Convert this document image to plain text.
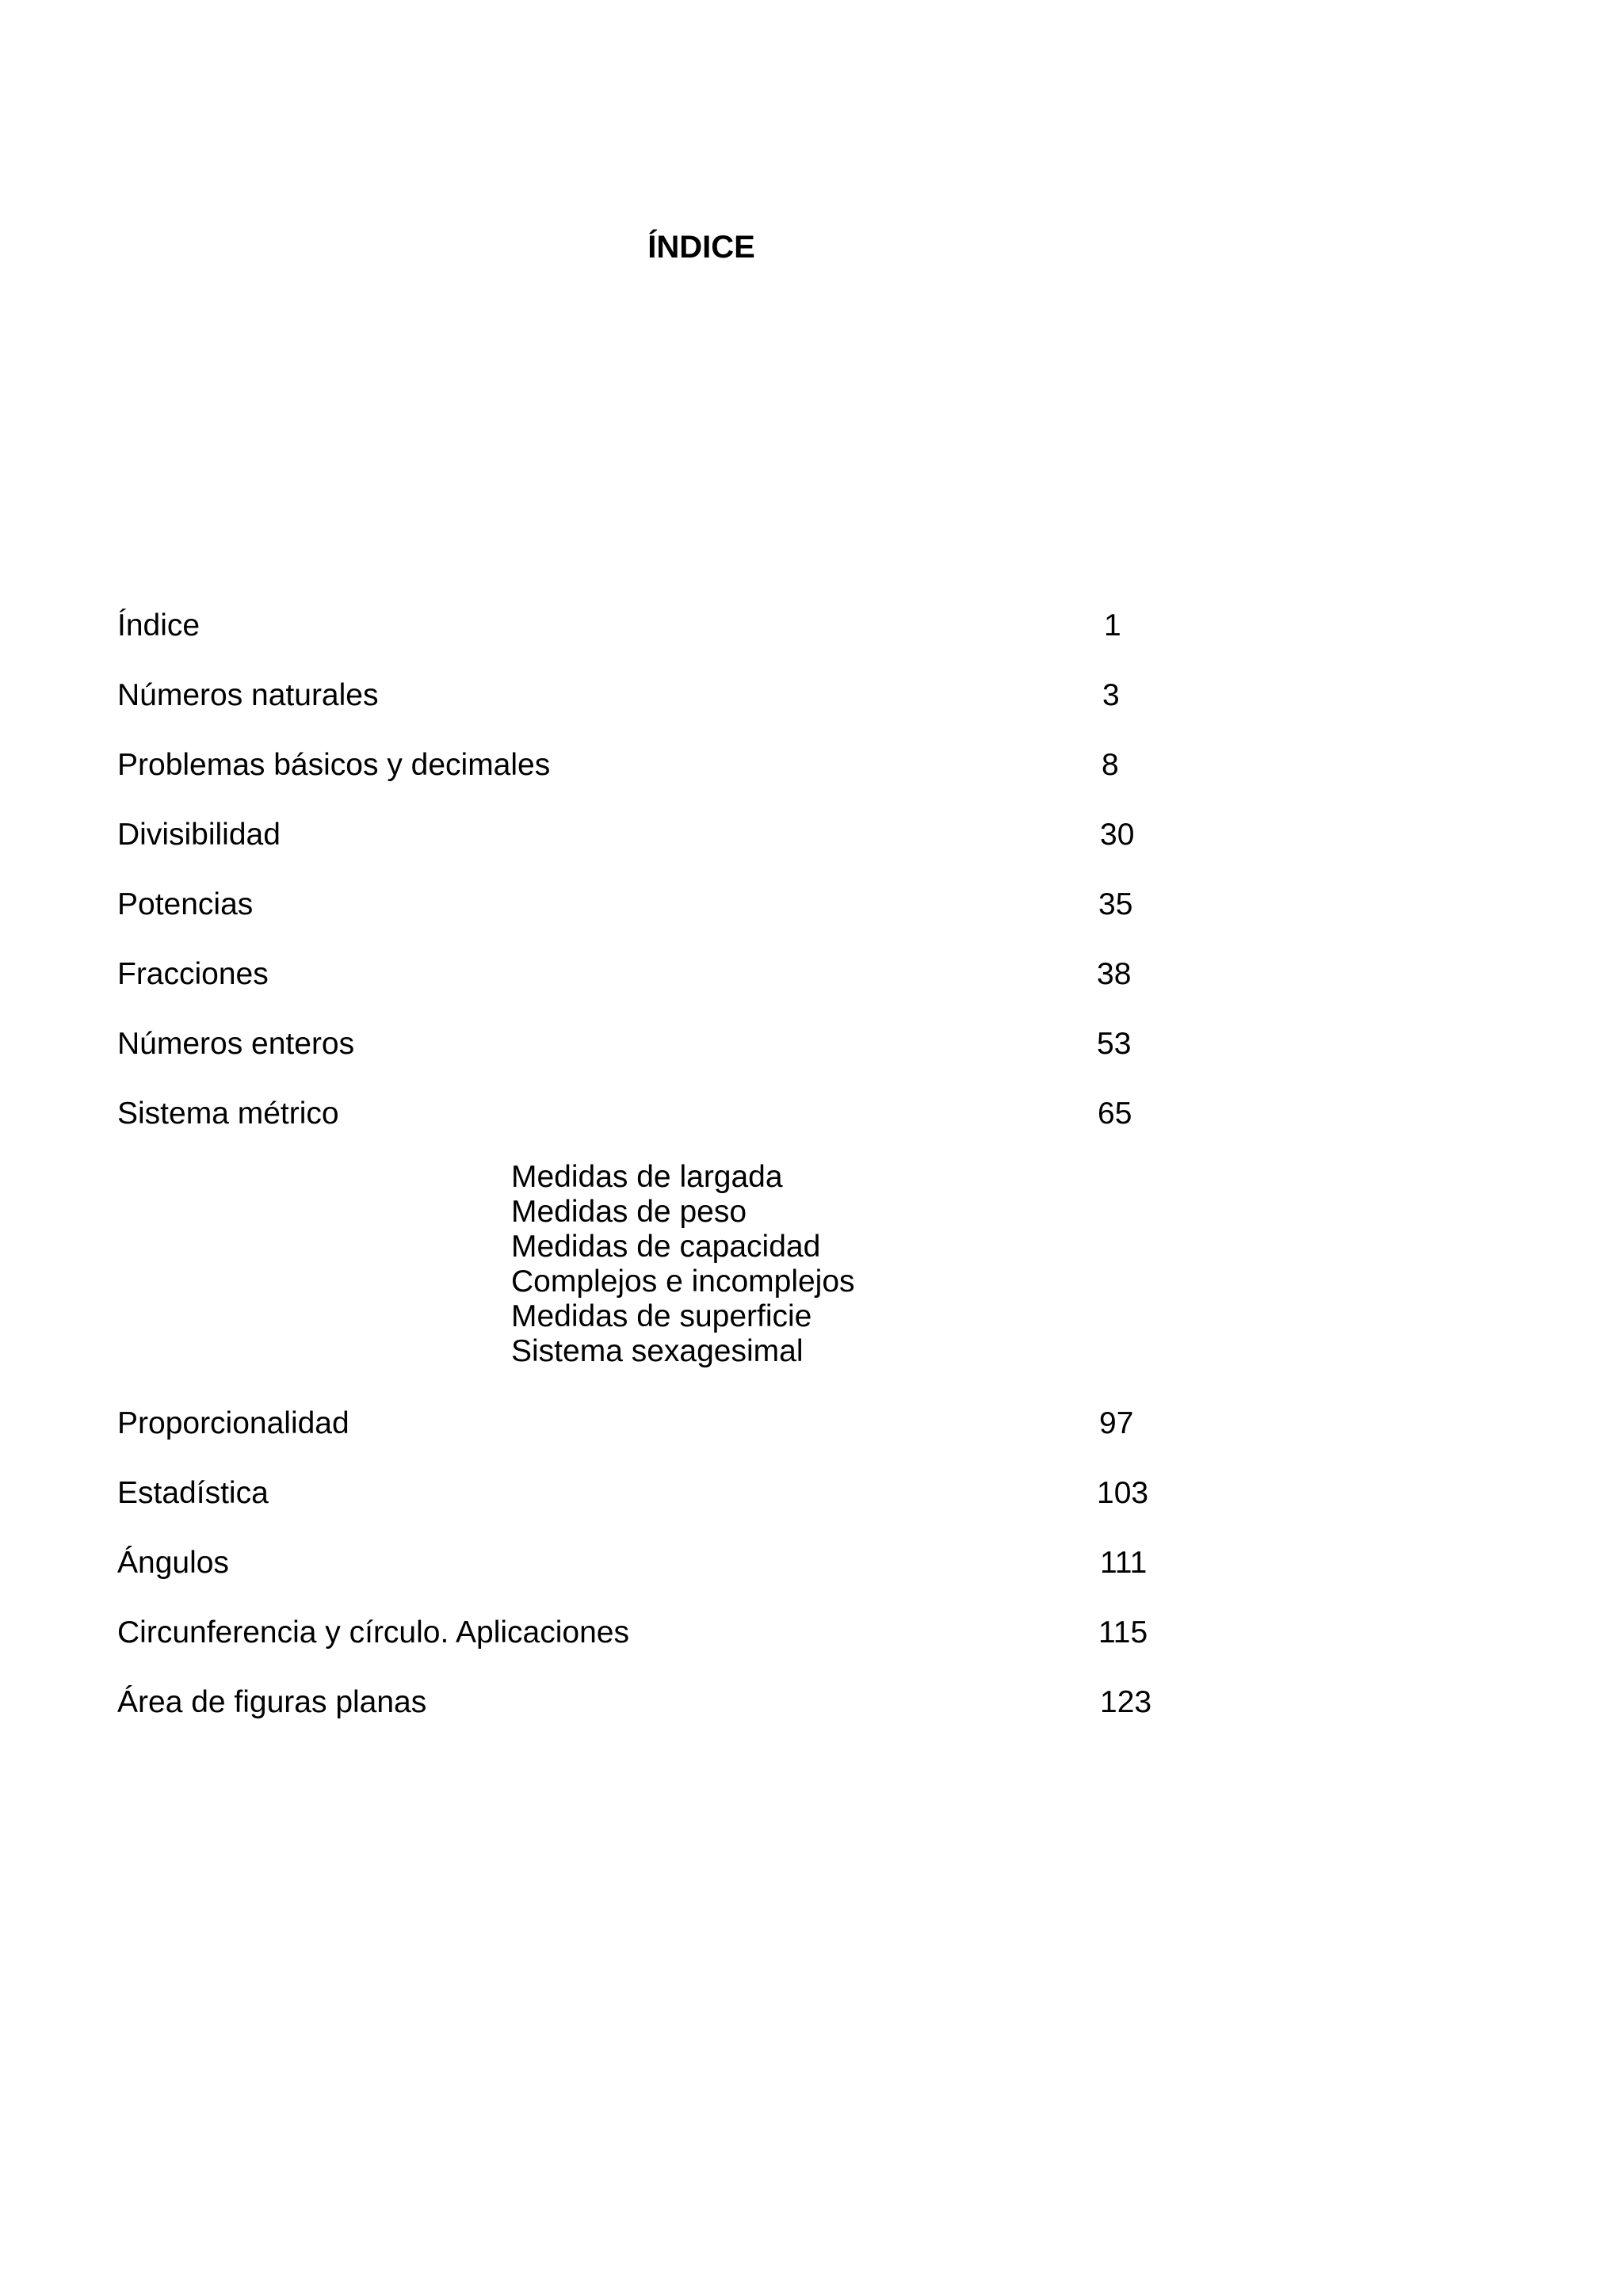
ÍNDICE
Índice	1
Números naturales	3
Problemas básicos y decimales	8
Divisibilidad	30
Potencias	35
Fracciones	38
Números enteros	53
Sistema métrico	65
Medidas de largada
Medidas de peso
Medidas de capacidad
Complejos e incomplejos
Medidas de superficie
Sistema sexagesimal
Proporcionalidad	97
Estadística	103
Ángulos	111
Circunferencia y círculo. Aplicaciones	115
Área de figuras planas	123
